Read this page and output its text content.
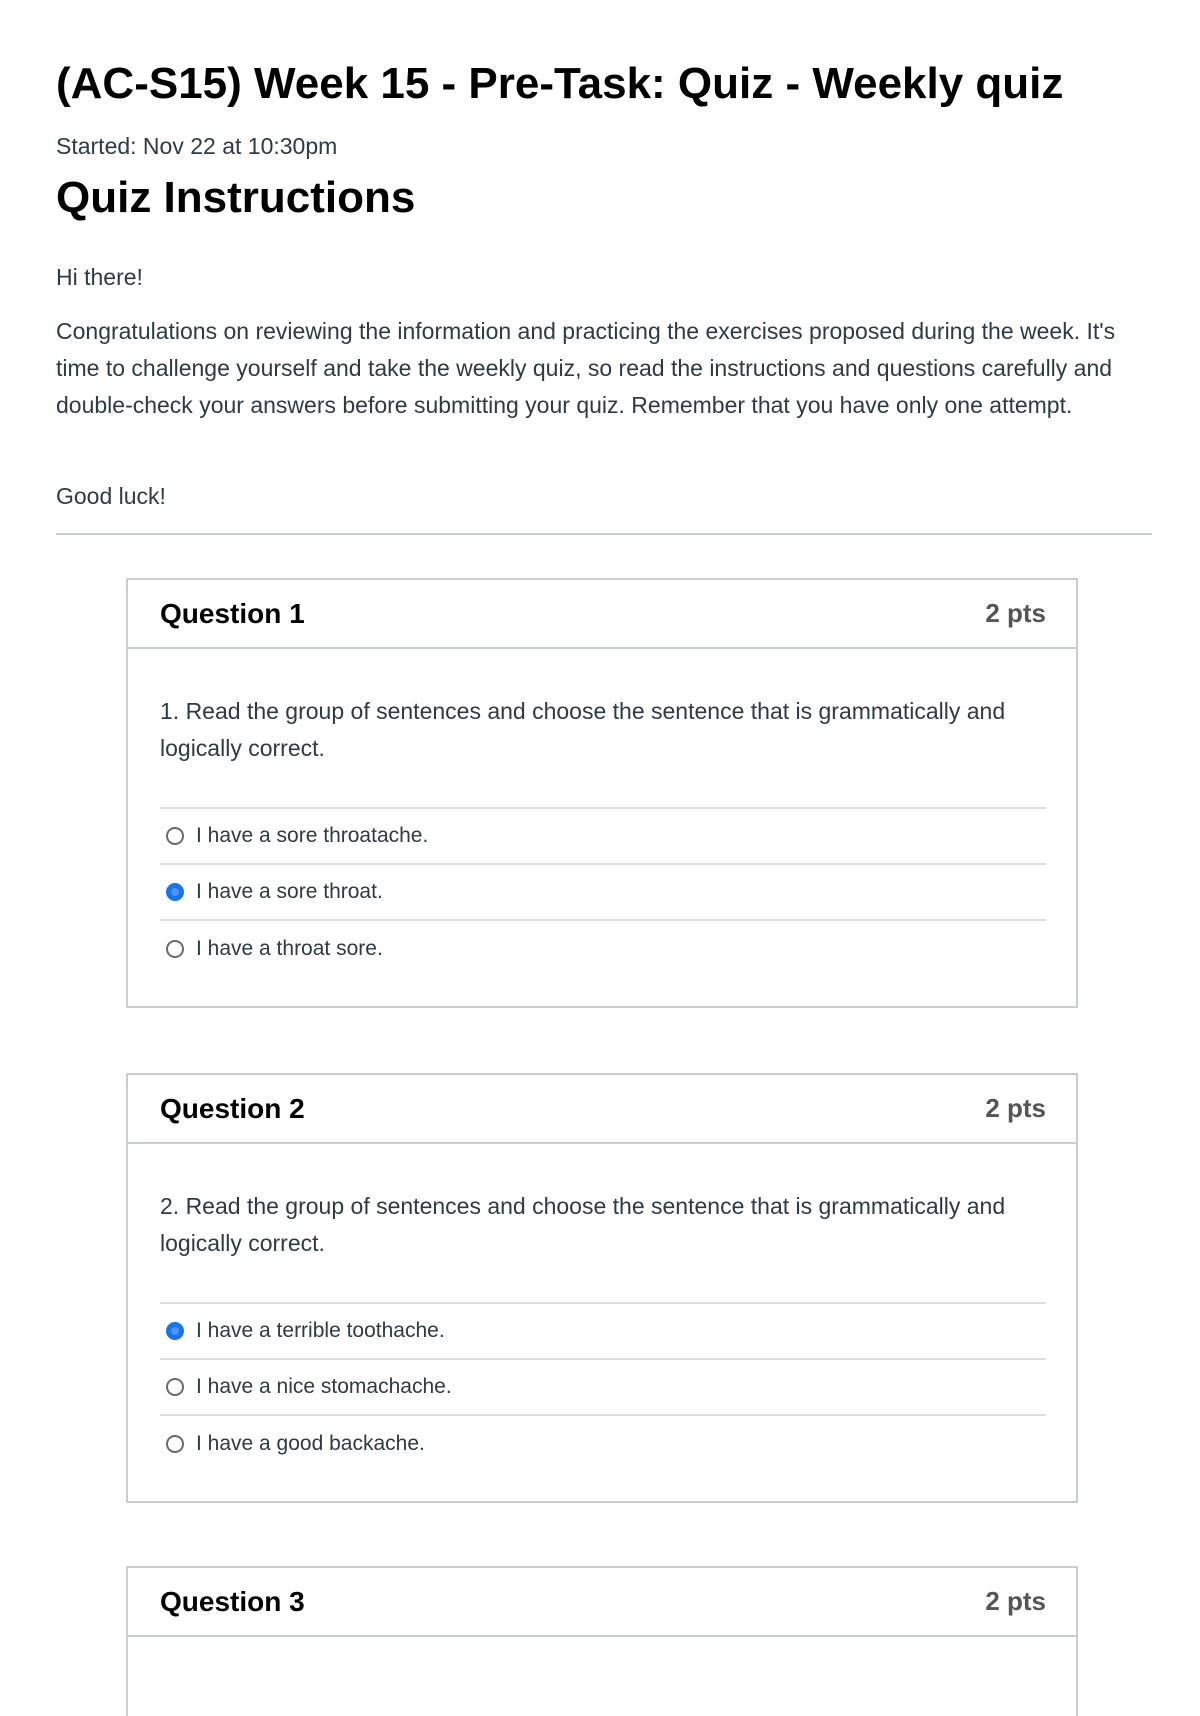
(AC-S15) Week 15 - Pre-Task: Quiz - Weekly quiz
Started: Nov 22 at 10:30pm
Quiz Instructions

Hi there!

Congratulations on reviewing the information and practicing the exercises proposed during the week. It's time to challenge yourself and take the weekly quiz, so read the instructions and questions carefully and double-check your answers before submitting your quiz. Remember that you have only one attempt.

Good luck!

Question 1	2 pts

1. Read the group of sentences and choose the sentence that is grammatically and logically correct.

I have a sore throatache.
I have a sore throat.
I have a throat sore.
Question 2	2 pts

2. Read the group of sentences and choose the sentence that is grammatically and logically correct.

I have a terrible toothache.
I have a nice stomachache.
I have a good backache.
Question 3	2 pts
